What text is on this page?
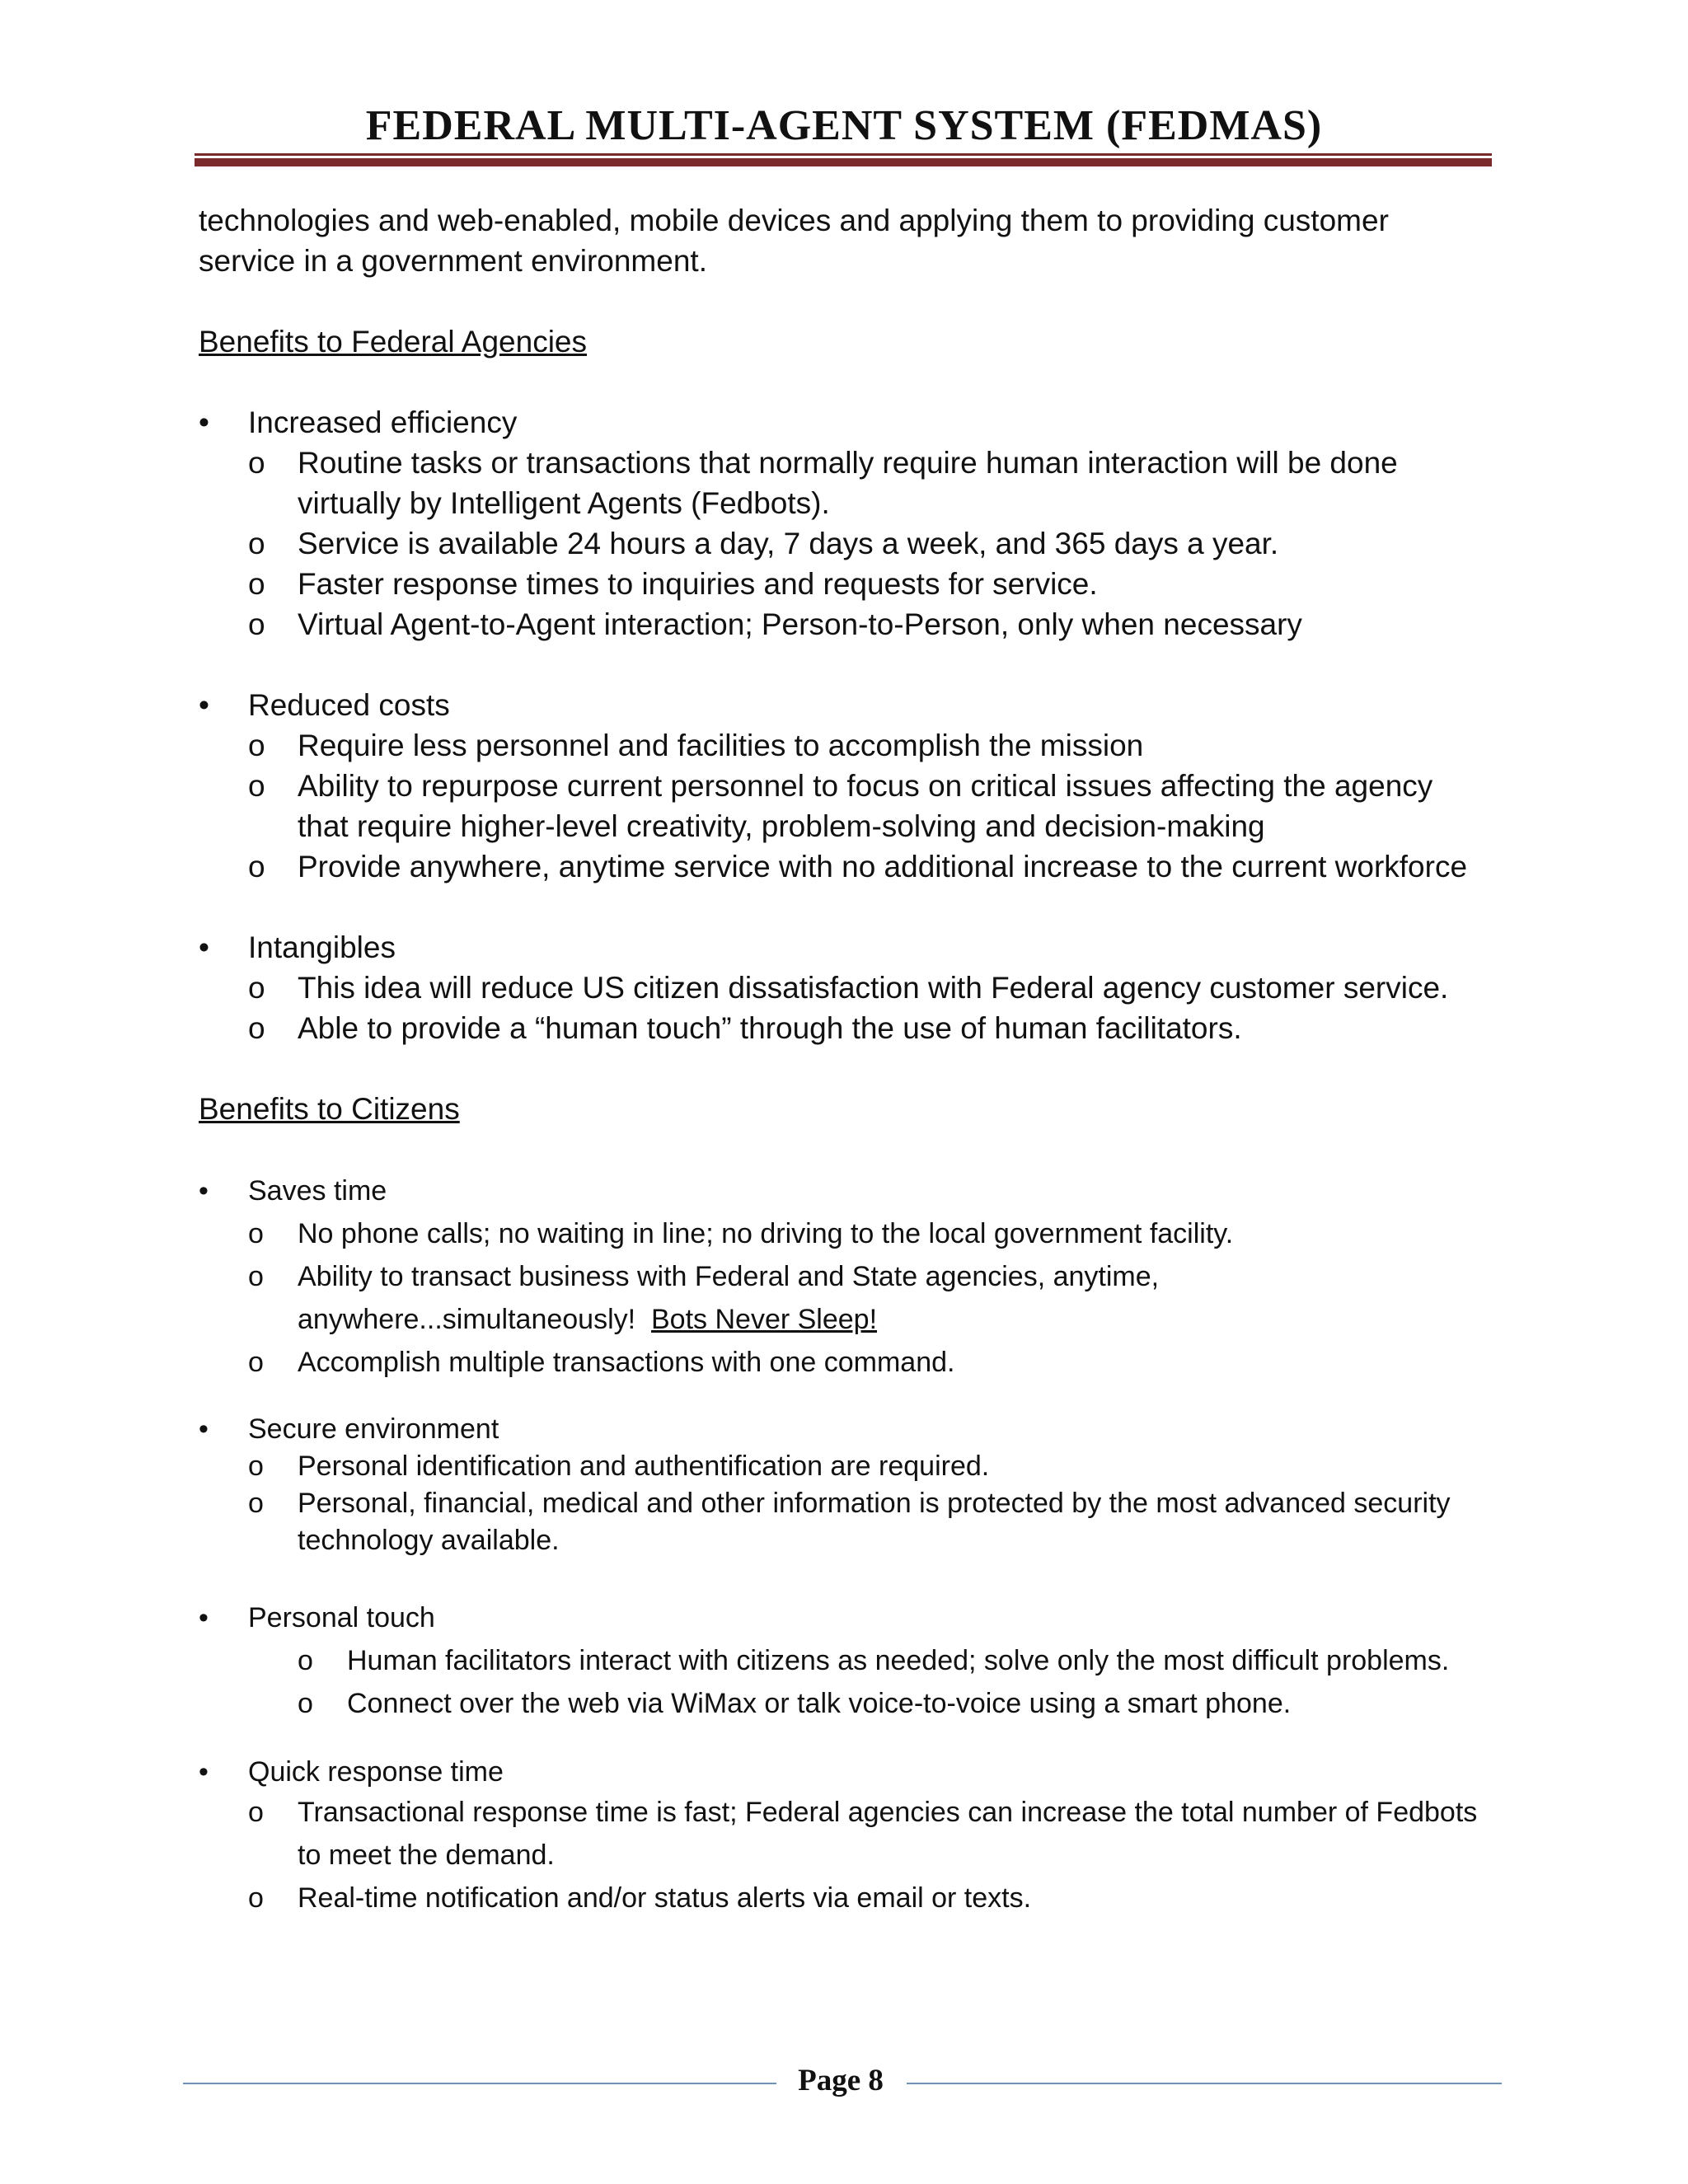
FEDERAL MULTI-AGENT SYSTEM (FEDMAS)

technologies and web-enabled, mobile devices and applying them to providing customer

service in a government environment.

Benefits to Federal Agencies

•	Increased efficiency
o	Routine tasks or transactions that normally require human interaction will be done
virtually by Intelligent Agents (Fedbots).
o	Service is available 24 hours a day, 7 days a week, and 365 days a year.
o	Faster response times to inquiries and requests for service.
o	Virtual Agent-to-Agent interaction; Person-to-Person, only when necessary
•	Reduced costs
o	Require less personnel and facilities to accomplish the mission
o	Ability to repurpose current personnel to focus on critical issues affecting the agency
that require higher-level creativity, problem-solving and decision-making
o	Provide anywhere, anytime service with no additional increase to the current workforce
•	Intangibles
o	This idea will reduce US citizen dissatisfaction with Federal agency customer service.
o	Able to provide a “human touch” through the use of human facilitators.

Benefits to Citizens

•	Saves time
o	No phone calls; no waiting in line; no driving to the local government facility.
o	Ability to transact business with Federal and State agencies, anytime,
anywhere...simultaneously! Bots Never Sleep!
o	Accomplish multiple transactions with one command.
•	Secure environment
o	Personal identification and authentification are required.
o	Personal, financial, medical and other information is protected by the most advanced security
technology available.
•	Personal touch
o	Human facilitators interact with citizens as needed; solve only the most difficult problems.
o	Connect over the web via WiMax or talk voice-to-voice using a smart phone.
•	Quick response time
o	Transactional response time is fast; Federal agencies can increase the total number of Fedbots
to meet the demand.
o	Real-time notification and/or status alerts via email or texts.
Page 8
